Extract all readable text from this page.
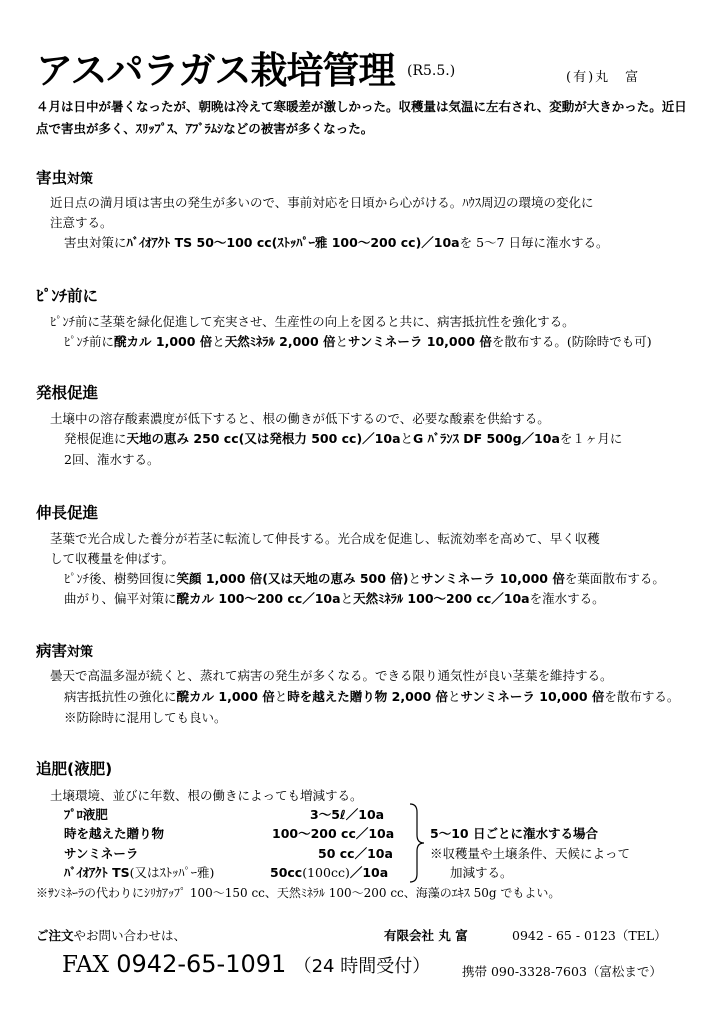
アスパラガス栽培管理 (R5.5.)	(有)丸　富
４月は日中が暑くなったが、朝晩は冷えて寒暖差が激しかった。収穫量は気温に左右され、変動が大きかった。近日点で害虫が多く、ｽﾘｯﾌﾟｽ、ｱﾌﾞﾗﾑｼなどの被害が多くなった。
害虫対策
近日点の満月頃は害虫の発生が多いので、事前対応を日頃から心がける。ﾊｳｽ周辺の環境の変化に
注意する。
害虫対策にﾊﾞｲｵｱｸﾄ TS 50～100 cc(ｽﾄｯﾊﾟｰ雅 100～200 cc)／10aを 5～7 日毎に潅水する。
ﾋﾟﾝﾁ前に
ﾋﾟﾝﾁ前に茎葉を緑化促進して充実させ、生産性の向上を図ると共に、病害抵抗性を強化する。
ﾋﾟﾝﾁ前に醗カル 1,000 倍と天然ﾐﾈﾗﾙ 2,000 倍とサンミネーラ 10,000 倍を散布する。(防除時でも可)
発根促進
土壌中の溶存酸素濃度が低下すると、根の働きが低下するので、必要な酸素を供給する。
発根促進に天地の恵み 250 cc(又は発根力 500 cc)／10aとG ﾊﾞﾗﾝｽ DF 500g／10aを１ヶ月に
2回、潅水する。
伸長促進
茎葉で光合成した養分が若茎に転流して伸長する。光合成を促進し、転流効率を高めて、早く収穫
して収穫量を伸ばす。
ﾋﾟﾝﾁ後、樹勢回復に笑顔 1,000 倍(又は天地の恵み 500 倍)とサンミネーラ 10,000 倍を葉面散布する。
曲がり、偏平対策に醗カル 100～200 cc／10aと天然ﾐﾈﾗﾙ 100～200 cc／10aを潅水する。
病害対策
曇天で高温多湿が続くと、蒸れて病害の発生が多くなる。できる限り通気性が良い茎葉を維持する。
病害抵抗性の強化に醗カル 1,000 倍と時を越えた贈り物 2,000 倍とサンミネーラ 10,000 倍を散布する。
※防除時に混用しても良い。
追肥(液肥)
土壌環境、並びに年数、根の働きによっても増減する。
ﾌﾟﾛ液肥	3～5ℓ／10a
時を越えた贈り物	100～200 cc／10a
サンミネーラ	50 cc／10a
ﾊﾞｲｵｱｸﾄ TS(又はｽﾄｯﾊﾟｰ雅)	50cc(100cc)／10a
5～10 日ごとに潅水する場合
※収穫量や土壌条件、天候によって
加減する。
※ｻﾝﾐﾈｰﾗの代わりにｼﾘｶｱｯﾌﾟ 100～150 cc、天然ﾐﾈﾗﾙ 100～200 cc、海藻のｴｷｽ 50g でもよい。
ご注文やお問い合わせは、	有限会社 丸 富	0942 - 65 - 0123（TEL）
FAX 0942-65-1091 （24 時間受付）	携帯 090-3328-7603（富松まで）
